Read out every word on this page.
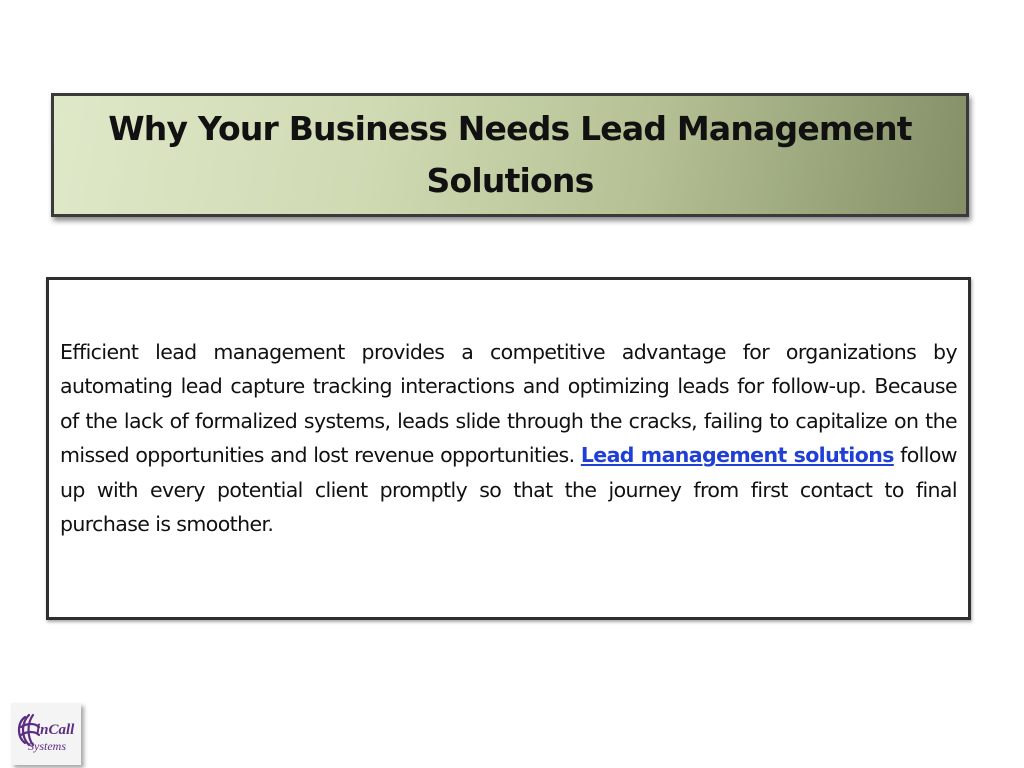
Why Your Business Needs Lead Management Solutions

Efficient lead management provides a competitive advantage for organizations by automating lead capture tracking interactions and optimizing leads for follow-up. Because of the lack of formalized systems, leads slide through the cracks, failing to capitalize on the missed opportunities and lost revenue opportunities. Lead management solutions follow up with every potential client promptly so that the journey from first contact to final purchase is smoother.

inCall
Systems
